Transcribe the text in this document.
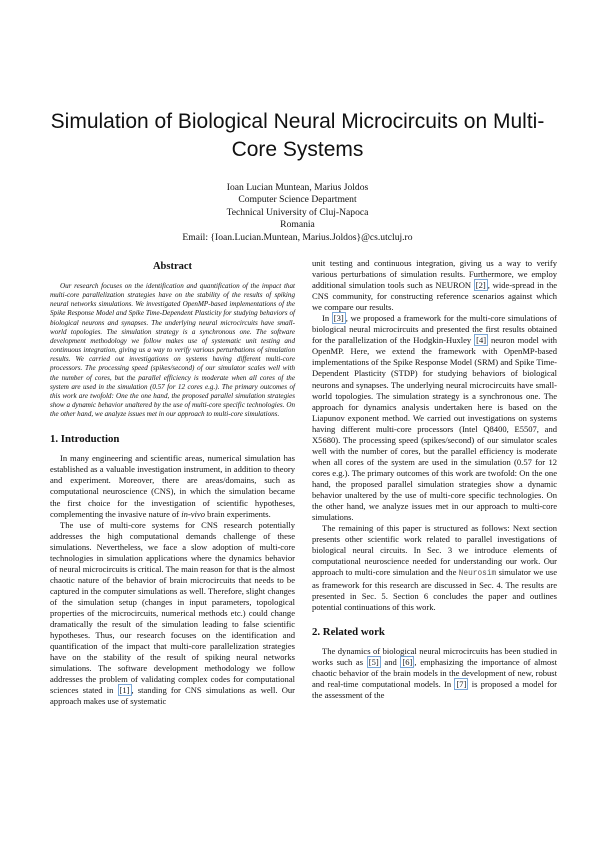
Simulation of Biological Neural Microcircuits on Multi-Core Systems
Ioan Lucian Muntean, Marius Joldos
Computer Science Department
Technical University of Cluj-Napoca
Romania
Email: {Ioan.Lucian.Muntean, Marius.Joldos}@cs.utcluj.ro
Abstract

Our research focuses on the identification and quantification of the impact that multi-core parallelization strategies have on the stability of the results of spiking neural networks simulations. We investigated OpenMP-based implementations of the Spike Response Model and Spike Time-Dependent Plasticity for studying behaviors of biological neurons and synapses. The underlying neural microcircuits have small-world topologies. The simulation strategy is a synchronous one. The software development methodology we follow makes use of systematic unit testing and continuous integration, giving us a way to verify various perturbations of simulation results. We carried out investigations on systems having different multi-core processors. The processing speed (spikes/second) of our simulator scales well with the number of cores, but the parallel efficiency is moderate when all cores of the system are used in the simulation (0.57 for 12 cores e.g.). The primary outcomes of this work are twofold: One the one hand, the proposed parallel simulation strategies show a dynamic behavior unaltered by the use of multi-core specific technologies. On the other hand, we analyze issues met in our approach to multi-core simulations.

1. Introduction

In many engineering and scientific areas, numerical simulation has established as a valuable investigation instrument, in addition to theory and experiment. Moreover, there are areas/domains, such as computational neuroscience (CNS), in which the simulation became the first choice for the investigation of scientific hypotheses, complementing the invasive nature of in-vivo brain experiments.

The use of multi-core systems for CNS research potentially addresses the high computational demands challenge of these simulations. Nevertheless, we face a slow adoption of multi-core technologies in simulation applications where the dynamics behavior of neural microcircuits is critical. The main reason for that is the almost chaotic nature of the behavior of brain microcircuits that needs to be captured in the computer simulations as well. Therefore, slight changes of the simulation setup (changes in input parameters, topological properties of the microcircuits, numerical methods etc.) could change dramatically the result of the simulation leading to false scientific hypotheses. Thus, our research focuses on the identification and quantification of the impact that multi-core parallelization strategies have on the stability of the result of spiking neural networks simulations. The software development methodology we follow addresses the problem of validating complex codes for computational sciences stated in [1] , standing for CNS simulations as well. Our approach makes use of systematic

unit testing and continuous integration, giving us a way to verify various perturbations of simulation results. Furthermore, we employ additional simulation tools such as NEURON [2] , wide-spread in the CNS community, for constructing reference scenarios against which we compare our results.

In [3] , we proposed a framework for the multi-core simulations of biological neural microcircuits and presented the first results obtained for the parallelization of the Hodgkin-Huxley [4] neuron model with OpenMP. Here, we extend the framework with OpenMP-based implementations of the Spike Response Model (SRM) and Spike Time-Dependent Plasticity (STDP) for studying behaviors of biological neurons and synapses. The underlying neural microcircuits have small-world topologies. The simulation strategy is a synchronous one. The approach for dynamics analysis undertaken here is based on the Liapunov exponent method. We carried out investigations on systems having different multi-core processors (Intel Q8400, E5507, and X5680). The processing speed (spikes/second) of our simulator scales well with the number of cores, but the parallel efficiency is moderate when all cores of the system are used in the simulation (0.57 for 12 cores e.g.). The primary outcomes of this work are twofold: On the one hand, the proposed parallel simulation strategies show a dynamic behavior unaltered by the use of multi-core specific technologies. On the other hand, we analyze issues met in our approach to multi-core simulations.

The remaining of this paper is structured as follows: Next section presents other scientific work related to parallel investigations of biological neural circuits. In Sec. 3 we introduce elements of computational neuroscience needed for understanding our work. Our approach to multi-core simulation and the Neurosim simulator we use as framework for this research are discussed in Sec. 4. The results are presented in Sec. 5. Section 6 concludes the paper and outlines potential continuations of this work.

2. Related work

The dynamics of biological neural microcircuits has been studied in works such as [5] and [6] , emphasizing the importance of almost chaotic behavior of the brain models in the development of new, robust and real-time computational models. In [7] is proposed a model for the assessment of the
